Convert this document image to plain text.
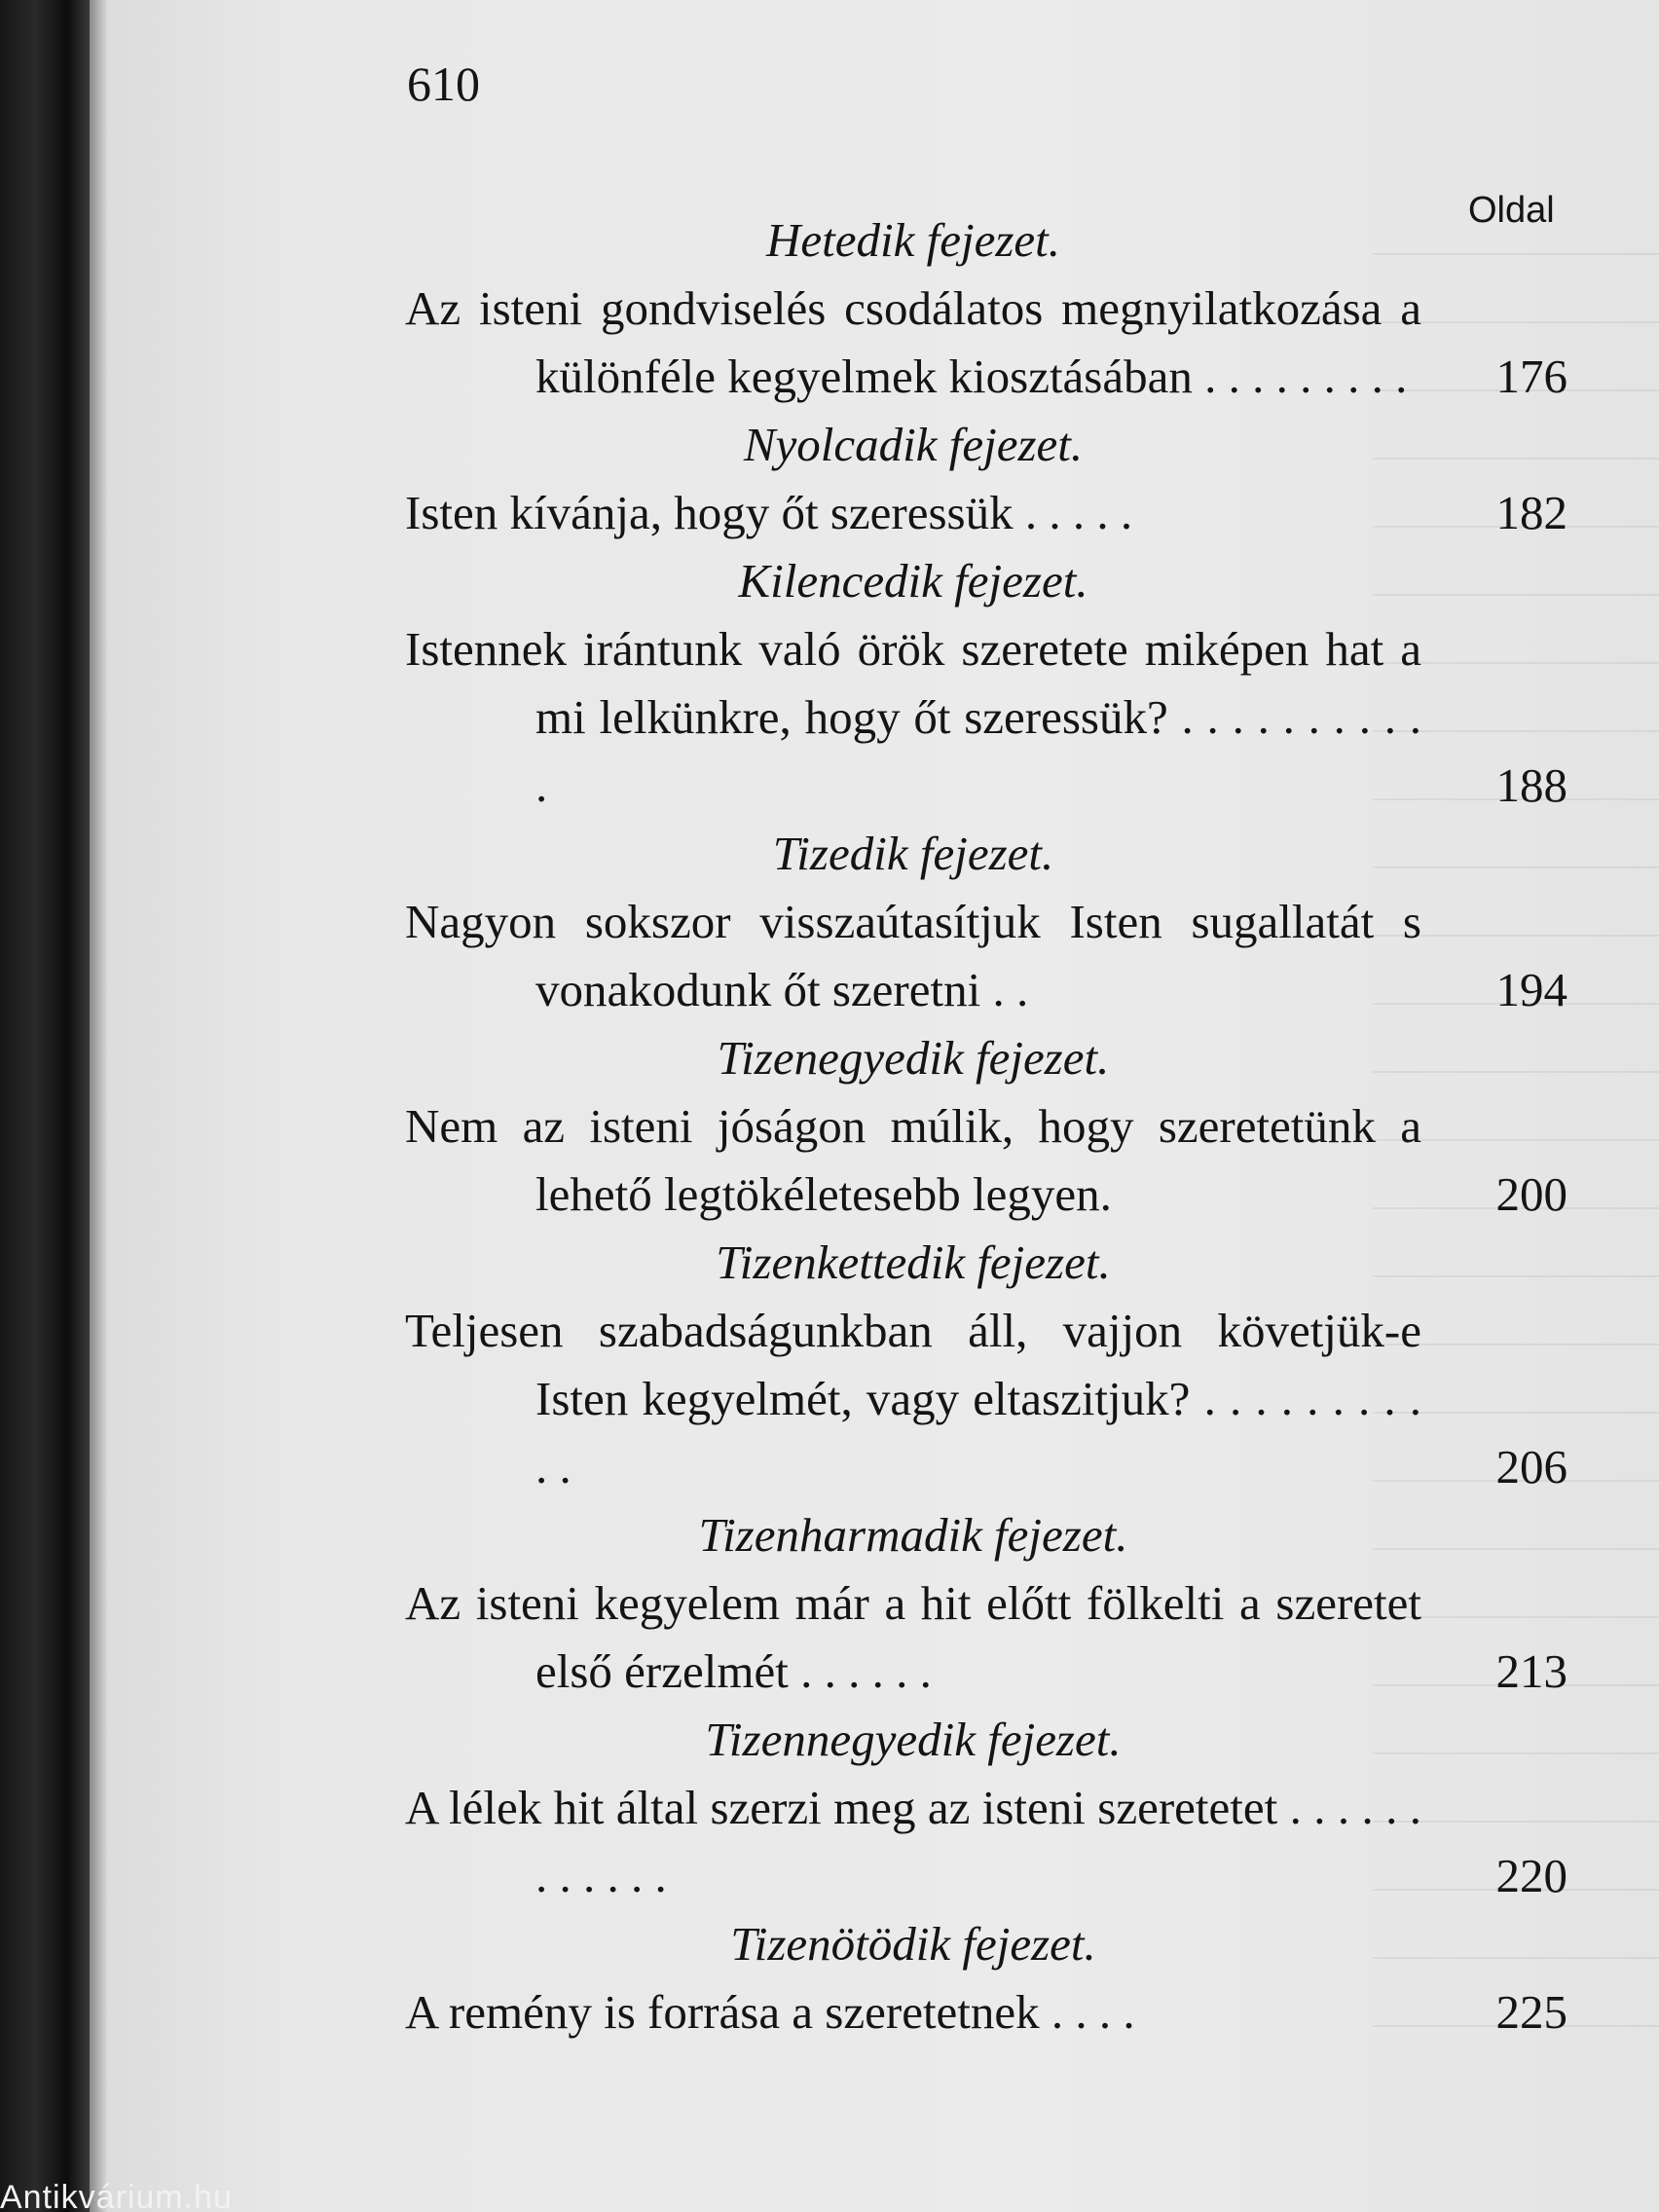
610
Oldal
Hetedik fejezet.
Az isteni gondviselés csodálatos megnyilatkozása a különféle kegyelmek kiosztásában . . . . . . . . .	176
Nyolcadik fejezet.
Isten kívánja, hogy őt szeressük . . . . .	182
Kilencedik fejezet.
Istennek irántunk való örök szeretete miképen hat a mi lelkünkre, hogy őt szeressük? . . . . . . . . . . .	188
Tizedik fejezet.
Nagyon sokszor visszaútasítjuk Isten sugallatát s vonakodunk őt szeretni . .	194
Tizenegyedik fejezet.
Nem az isteni jóságon múlik, hogy szeretetünk a lehető legtökéletesebb legyen.	200
Tizenkettedik fejezet.
Teljesen szabadságunkban áll, vajjon követjük-e Isten kegyelmét, vagy eltaszitjuk? . . . . . . . . . . .	206
Tizenharmadik fejezet.
Az isteni kegyelem már a hit előtt fölkelti a szeretet első érzelmét . . . . . .	213
Tizennegyedik fejezet.
A lélek hit által szerzi meg az isteni szeretetet . . . . . . . . . . . .	220
Tizenötödik fejezet.
A remény is forrása a szeretetnek . . . .	225
Antikvárium.hu
